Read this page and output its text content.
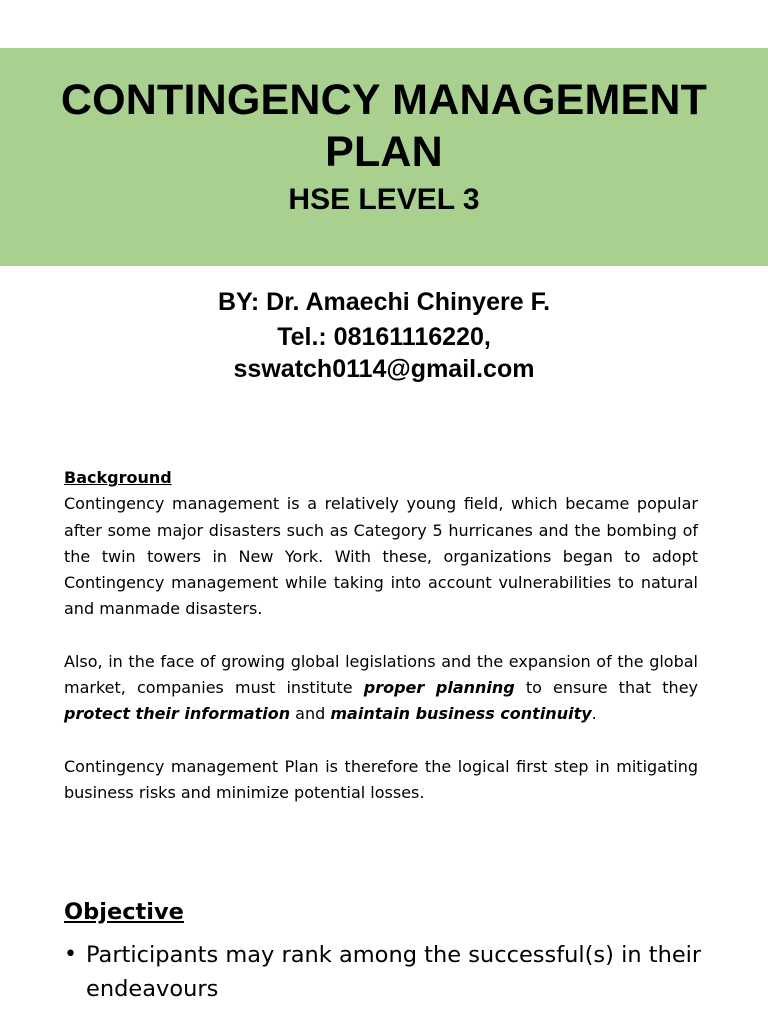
CONTINGENCY MANAGEMENT PLAN
HSE LEVEL 3
BY: Dr. Amaechi Chinyere F.
Tel.: 08161116220,
sswatch0114@gmail.com

Background

Contingency management is a relatively young field, which became popular after some major disasters such as Category 5 hurricanes and the bombing of the twin towers in New York. With these, organizations began to adopt Contingency management while taking into account vulnerabilities to natural and manmade disasters.

Also, in the face of growing global legislations and the expansion of the global market, companies must institute proper planning to ensure that they protect their information and maintain business continuity.

Contingency management Plan is therefore the logical first step in mitigating business risks and minimize potential losses.

Objective
• Participants may rank among the successful(s) in their endeavours
